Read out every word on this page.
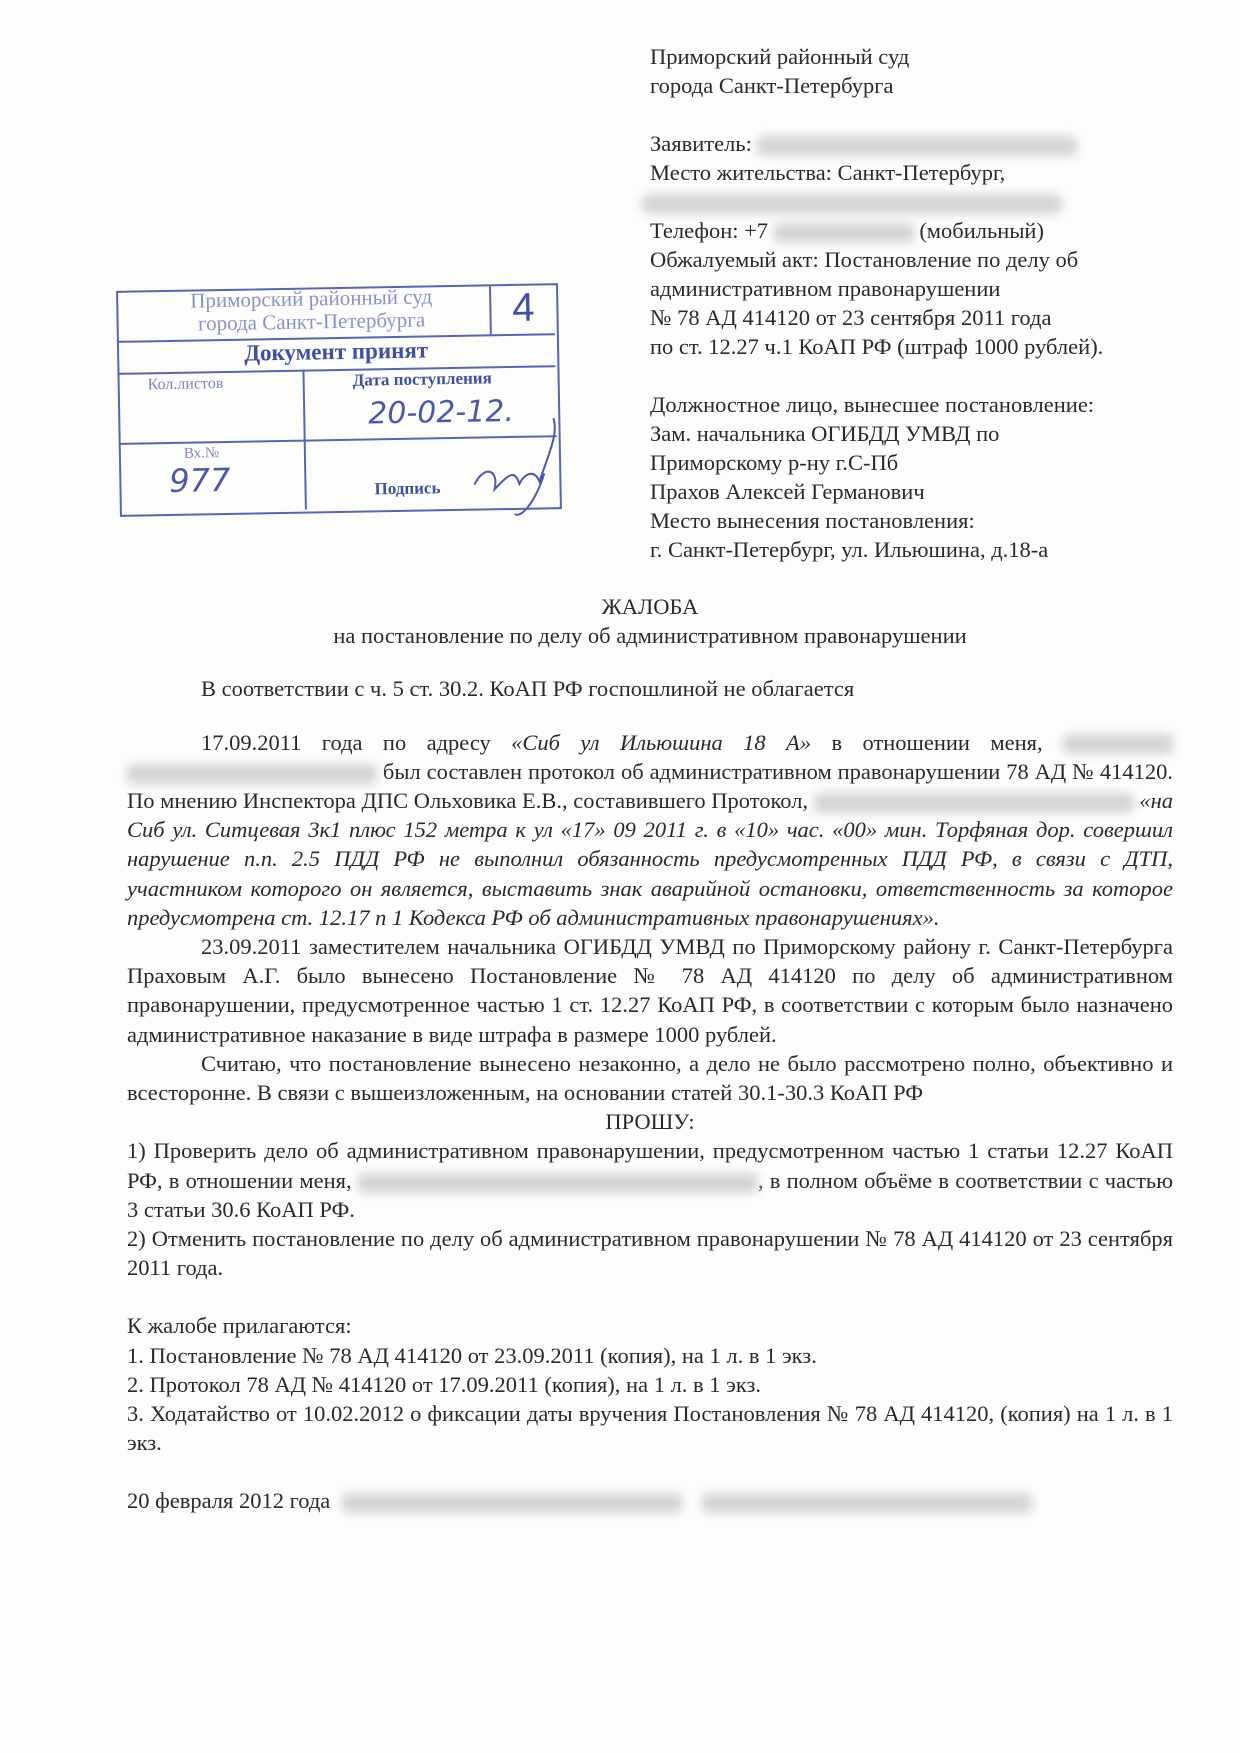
Приморский районный суд
города Санкт-Петербурга
Заявитель:
Место жительства: Санкт-Петербург,
Телефон: +7	(мобильный)
Обжалуемый акт: Постановление по делу об
административном правонарушении
№ 78 АД 414120 от 23 сентября 2011 года
по ст. 12.27 ч.1 КоАП РФ (штраф 1000 рублей).
Должностное лицо, вынесшее постановление:
Зам. начальника ОГИБДД УМВД по
Приморскому р-ну г.С-Пб
Прахов Алексей Германович
Место вынесения постановления:
г. Санкт-Петербург, ул. Ильюшина, д.18-а
Приморский районный суд
города Санкт-Петербурга	4
Документ принят
Кол.листов	Дата поступления
20-02-12.
Вх.№
977	Подпись
ЖАЛОБА
на постановление по делу об административном правонарушении
В соответствии с ч. 5 ст. 30.2. КоАП РФ госпошлиной не облагается
17.09.2011 года по адресу «Сиб ул Ильюшина 18 А» в отношении меня,   был составлен протокол об административном правонарушении 78 АД № 414120. По мнению Инспектора ДПС Ольховика Е.В., составившего Протокол,	«на Сиб ул. Ситцевая 3к1 плюс 152 метра к ул «17» 09 2011 г. в «10» час. «00» мин. Торфяная дор. совершил нарушение п.п. 2.5 ПДД РФ не выполнил обязанность предусмотренных ПДД РФ, в связи с ДТП, участником которого он является, выставить знак аварийной остановки, ответственность за которое предусмотрена ст. 12.17 п 1 Кодекса РФ об административных правонарушениях».
23.09.2011 заместителем начальника ОГИБДД УМВД по Приморскому району г. Санкт-Петербурга Праховым А.Г. было вынесено Постановление № 78 АД 414120 по делу об административном правонарушении, предусмотренное частью 1 ст. 12.27 КоАП РФ, в соответствии с которым было назначено административное наказание в виде штрафа в размере 1000 рублей.
Считаю, что постановление вынесено незаконно, а дело не было рассмотрено полно, объективно и всесторонне. В связи с вышеизложенным, на основании статей 30.1-30.3 КоАП РФ
ПРОШУ:
1) Проверить дело об административном правонарушении, предусмотренном частью 1 статьи 12.27 КоАП РФ, в отношении меня,	, в полном объёме в соответствии с частью 3 статьи 30.6 КоАП РФ.
2) Отменить постановление по делу об административном правонарушении № 78 АД 414120 от 23 сентября 2011 года.
К жалобе прилагаются:
1. Постановление № 78 АД 414120 от 23.09.2011 (копия), на 1 л. в 1 экз.
2. Протокол 78 АД № 414120 от 17.09.2011 (копия), на 1 л. в 1 экз.
3. Ходатайство от 10.02.2012 о фиксации даты вручения Постановления № 78 АД 414120, (копия) на 1 л. в 1 экз.
20 февраля 2012 года
